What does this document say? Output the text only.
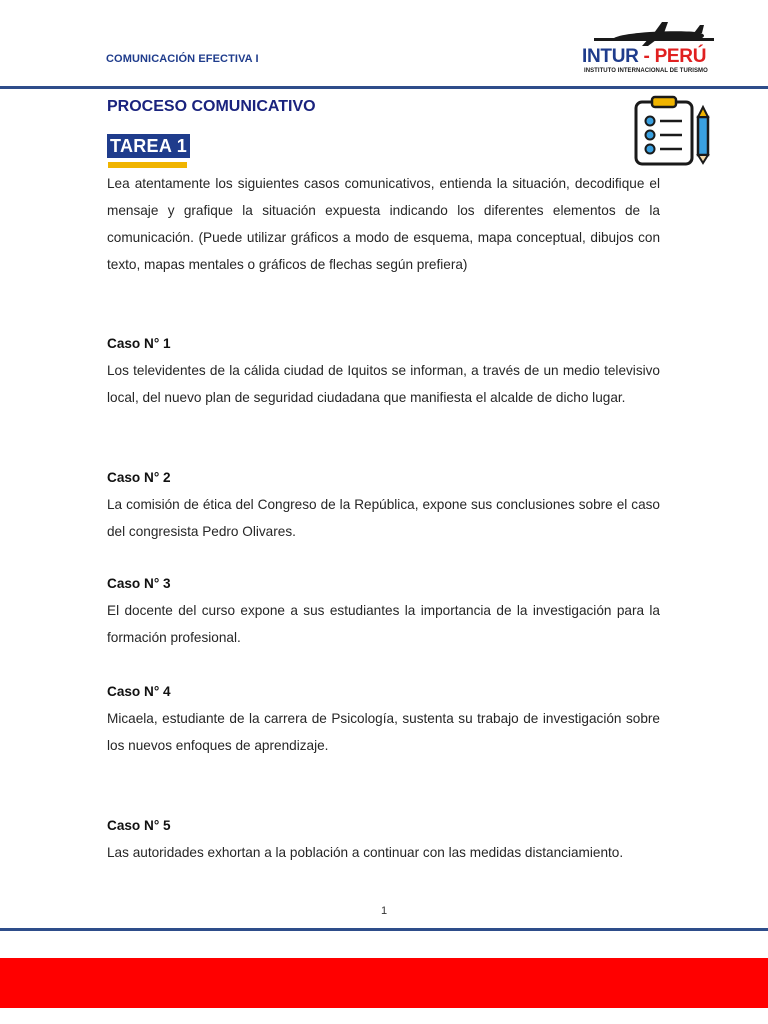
COMUNICACIÓN EFECTIVA I	INTUR - PERÚ
INSTITUTO INTERNACIONAL DE TURISMO
PROCESO COMUNICATIVO
TAREA 1

Lea atentamente los siguientes casos comunicativos, entienda la situación, decodifique el mensaje y grafique la situación expuesta indicando los diferentes elementos de la comunicación. (Puede utilizar gráficos a modo de esquema, mapa conceptual, dibujos con texto, mapas mentales o gráficos de flechas según prefiera)

Caso N° 1

Los televidentes de la cálida ciudad de Iquitos se informan, a través de un medio televisivo local, del nuevo plan de seguridad ciudadana que manifiesta el alcalde de dicho lugar.

Caso N° 2

La comisión de ética del Congreso de la República, expone sus conclusiones sobre el caso del congresista Pedro Olivares.

Caso N° 3

El docente del curso expone a sus estudiantes la importancia de la investigación para la formación profesional.

Caso N° 4

Micaela, estudiante de la carrera de Psicología, sustenta su trabajo de investigación sobre los nuevos enfoques de aprendizaje.

Caso N° 5

Las autoridades exhortan a la población a continuar con las medidas distanciamiento.

1
